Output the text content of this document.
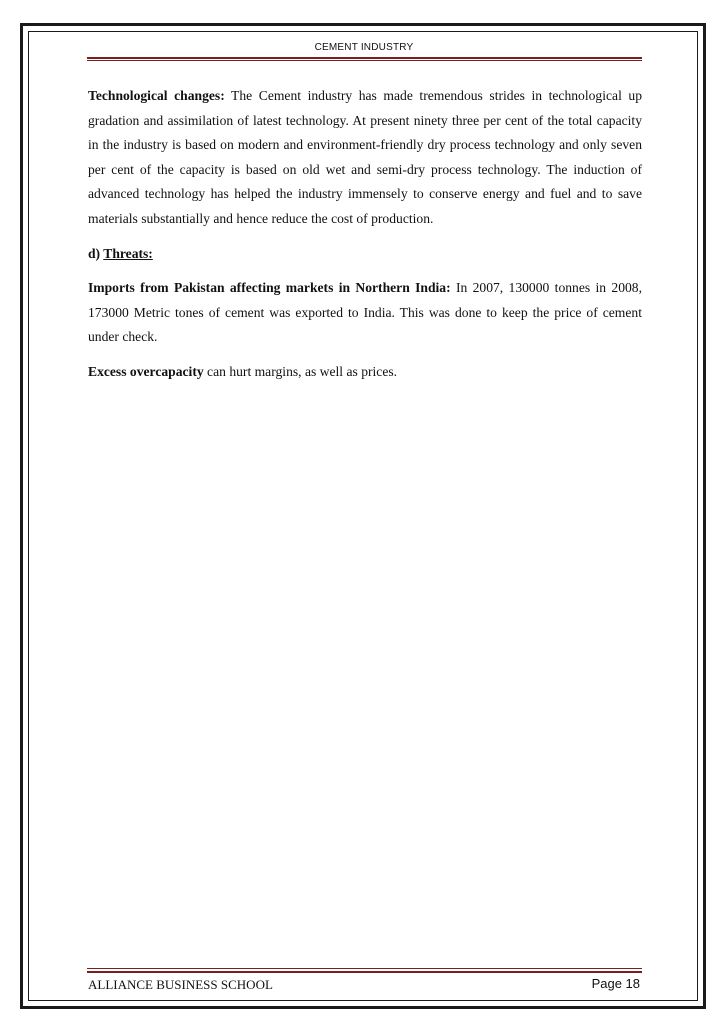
CEMENT INDUSTRY

Technological changes: The Cement industry has made tremendous strides in technological up gradation and assimilation of latest technology. At present ninety three per cent of the total capacity in the industry is based on modern and environment-friendly dry process technology and only seven per cent of the capacity is based on old wet and semi-dry process technology. The induction of advanced technology has helped the industry immensely to conserve energy and fuel and to save materials substantially and hence reduce the cost of production.

d) Threats:

Imports from Pakistan affecting markets in Northern India: In 2007, 130000 tonnes in 2008, 173000 Metric tones of cement was exported to India. This was done to keep the price of cement under check.

Excess overcapacity can hurt margins, as well as prices.

ALLIANCE BUSINESS SCHOOL	Page 18
